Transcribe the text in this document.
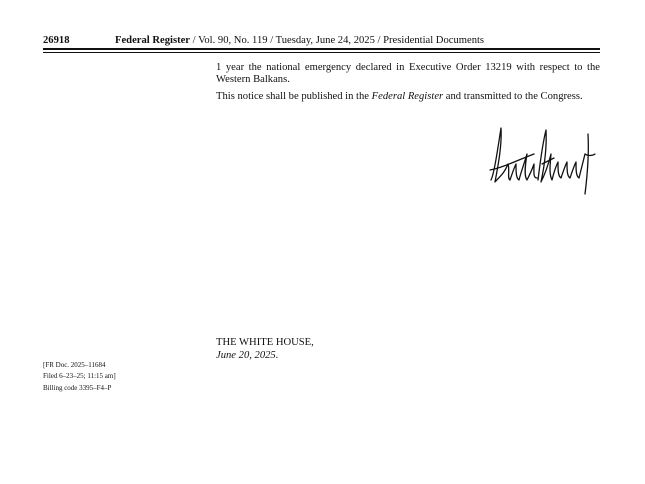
26918	Federal Register / Vol. 90, No. 119 / Tuesday, June 24, 2025 / Presidential Documents

1 year the national emergency declared in Executive Order 13219 with respect to the Western Balkans.

This notice shall be published in the Federal Register and transmitted to the Congress.

THE WHITE HOUSE,
June 20, 2025.
[FR Doc. 2025–11684
Filed 6–23–25; 11:15 am]
Billing code 3395–F4–P
